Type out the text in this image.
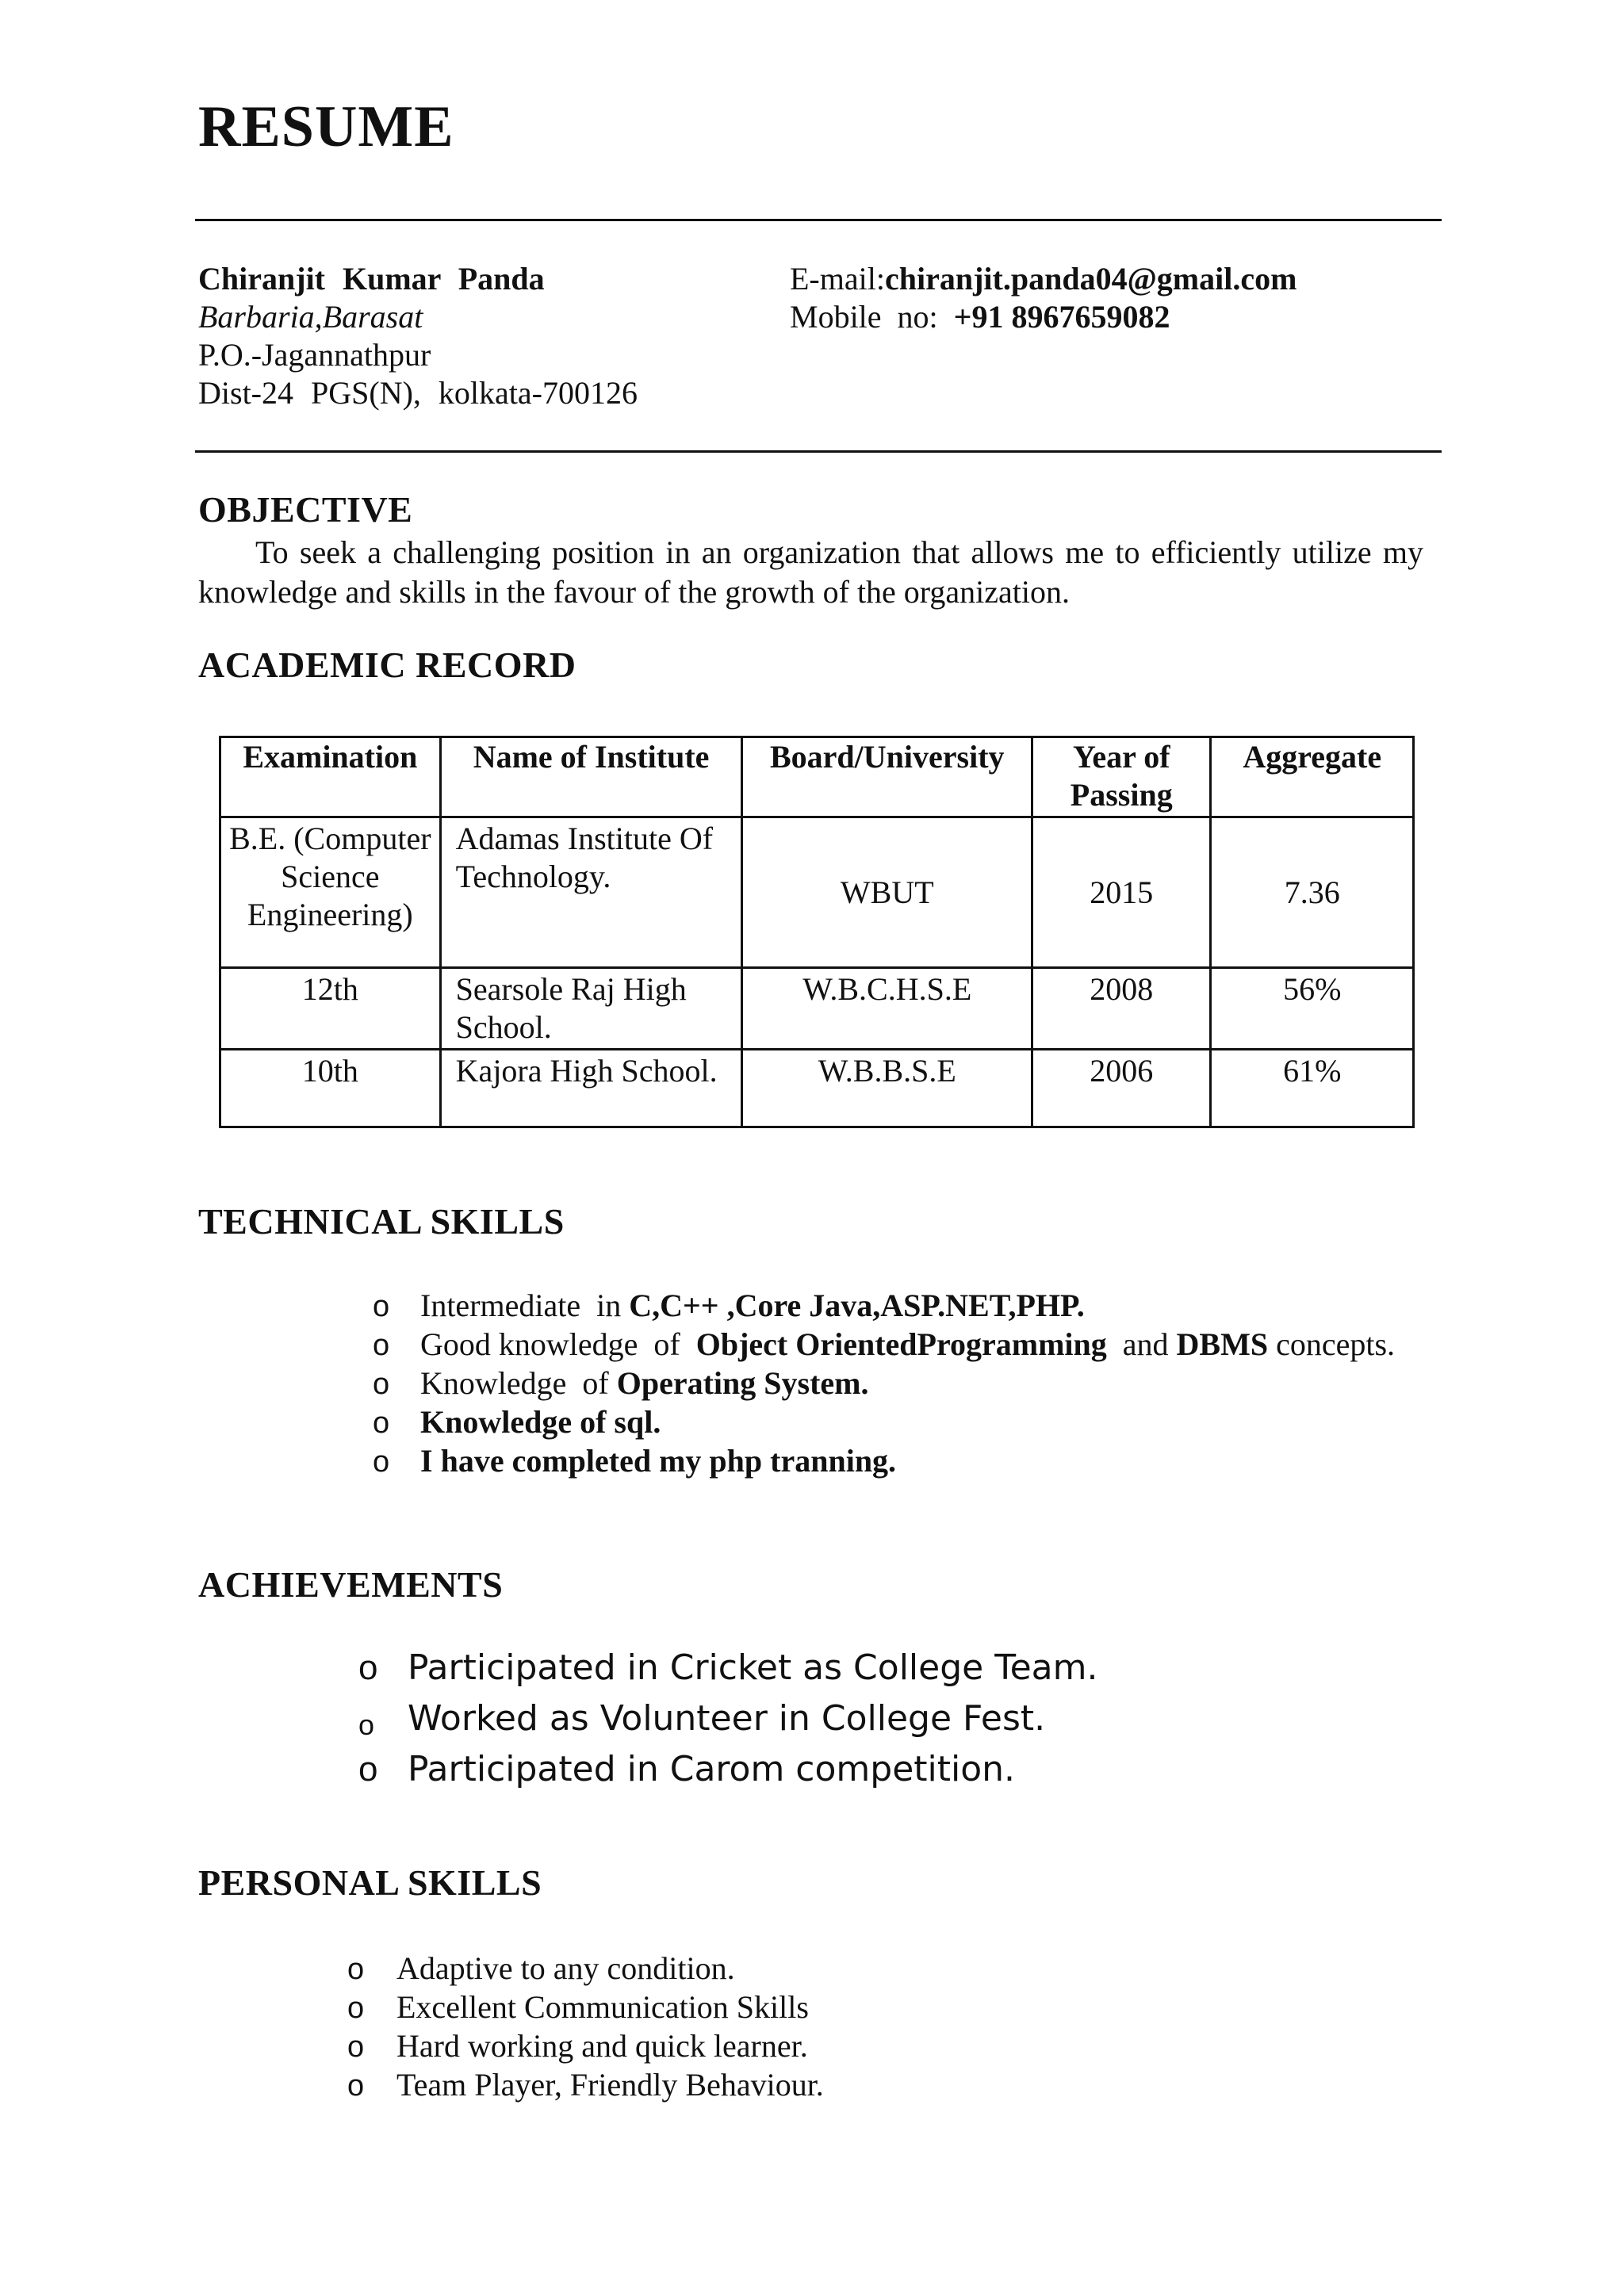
RESUME
Chiranjit Kumar Panda
Barbaria,Barasat
P.O.-Jagannathpur
Dist-24 PGS(N), kolkata-700126
E-mail:chiranjit.panda04@gmail.com
Mobile  no:  +91 8967659082
OBJECTIVE
To seek a challenging position in an organization that allows me to efficiently utilize my knowledge and skills in the favour of the growth of the organization.
ACADEMIC RECORD
Examination	Name of Institute	Board/University	Year of Passing	Aggregate
B.E. (Computer Science Engineering)	Adamas Institute Of Technology.	WBUT	2015	7.36
12th	Searsole Raj High School.	W.B.C.H.S.E	2008	56%
10th	Kajora High School.	W.B.B.S.E	2006	61%
TECHNICAL SKILLS
o Intermediate  in C,C++ ,Core Java,ASP.NET,PHP.
o Good knowledge  of  Object OrientedProgramming  and DBMS concepts.
o Knowledge  of Operating System.
o Knowledge of sql.
o I have completed my php tranning.
ACHIEVEMENTS
o Participated in Cricket as College Team.
o Worked as Volunteer in College Fest.
o Participated in Carom competition.
PERSONAL SKILLS
o Adaptive to any condition.
o Excellent Communication Skills
o Hard working and quick learner.
o Team Player, Friendly Behaviour.
